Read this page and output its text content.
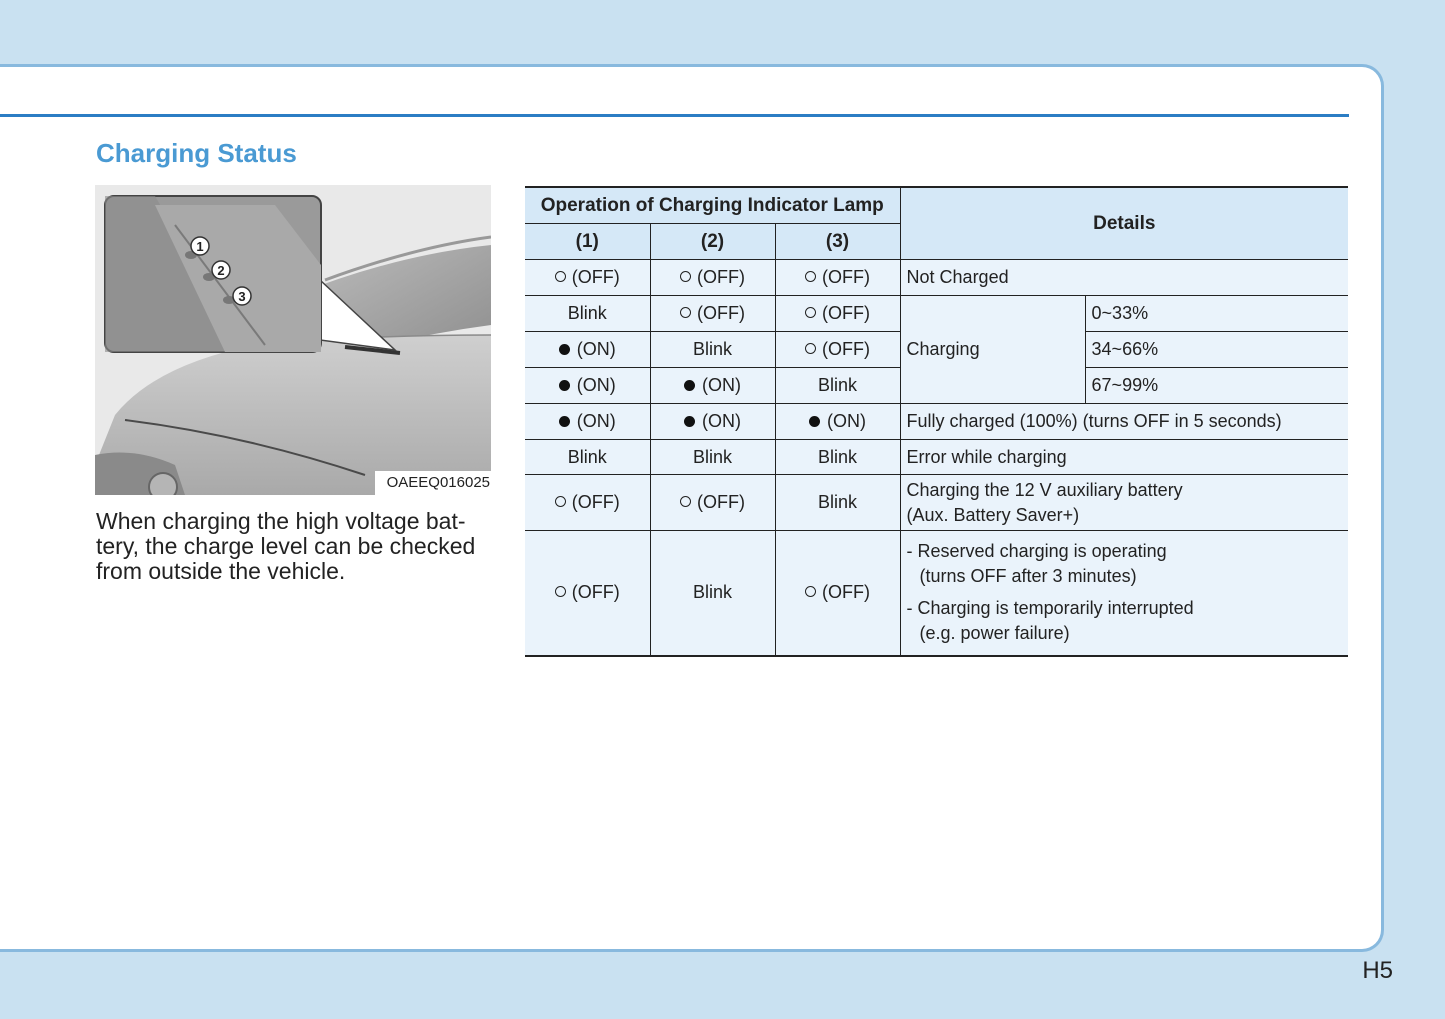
Charging Status
1
2
3
OAEEQ016025

When charging the high voltage bat-
tery, the charge level can be checked
from outside the vehicle.

Operation of Charging Indicator Lamp			Details	
(1)	(2)	(3)		
(OFF)	(OFF)	(OFF)	Not Charged	
Blink	(OFF)	(OFF)	Charging	0~33%
(ON)	Blink	(OFF)		34~66%
(ON)	(ON)	Blink		67~99%
(ON)	(ON)	(ON)	Fully charged (100%) (turns OFF in 5 seconds)	
Blink	Blink	Blink	Error while charging	
(OFF)	(OFF)	Blink	Charging the 12 V auxiliary battery
(Aux. Battery Saver+)	

(OFF)	Blink	(OFF)	- Reserved charging is operating
(turns OFF after 3 minutes)
- Charging is temporarily interrupted
(e.g. power failure)	
H5
